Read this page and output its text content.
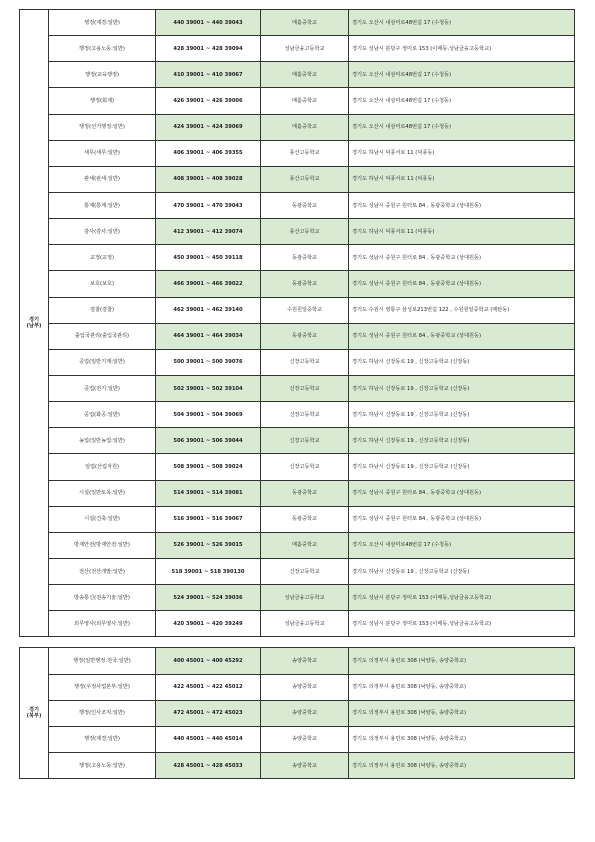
경기
(남부)	행정(재경:일반)	440 39001 ~ 440 39043	매홀중학교	경기도 오산시 내삼미로48번길 17 (수청동)
	행정(고용노동:일반)	428 39001 ~ 428 39094	성남금융고등학교	경기도 성남시 분당구 정미로 153 (이매동,성남금융고등학교)
	행정(교육행정)	410 39001 ~ 410 39067	매홀중학교	경기도 오산시 내삼미로48번길 17 (수청동)
	행정(회계)	426 39001 ~ 426 39006	매홀중학교	경기도 오산시 내삼미로48번길 17 (수청동)
	행정(선거행정:일반)	424 39001 ~ 424 39069	매홀중학교	경기도 오산시 내삼미로48번길 17 (수청동)
	세무(세무:일반)	406 39001 ~ 406 39355	풍산고등학교	경기도 하남시 덕풍서로 11 (덕풍동)
	관세(관세:일반)	408 39001 ~ 408 39028	풍산고등학교	경기도 하남시 덕풍서로 11 (덕풍동)
	통계(통계:일반)	470 39001 ~ 470 39043	동광중학교	경기도 성남시 중원구 원터로 84 , 동광중학교 (상대원동)
	감사(감사:일반)	412 39001 ~ 412 39074	풍산고등학교	경기도 하남시 덕풍서로 11 (덕풍동)
	교정(교정)	450 39001 ~ 450 39118	동광중학교	경기도 성남시 중원구 원터로 84 , 동광중학교 (상대원동)
	보호(보호)	466 39001 ~ 466 39022	동광중학교	경기도 성남시 중원구 원터로 84 , 동광중학교 (상대원동)
	검찰(검찰)	462 39001 ~ 462 39140	수원원일중학교	경기도 수원시 영통구 삼성로213번길 122 , 수원원일중학교 (매탄동)
	출입국관리(출입국관리)	464 39001 ~ 464 39034	동광중학교	경기도 성남시 중원구 원터로 84 , 동광중학교 (상대원동)
	공업(일반기계:일반)	500 39001 ~ 500 39076	신장고등학교	경기도 하남시 신장동로 19 , 신장고등학교 (신장동)
	공업(전기:일반)	502 39001 ~ 502 39104	신장고등학교	경기도 하남시 신장동로 19 , 신장고등학교 (신장동)
	공업(화공:일반)	504 39001 ~ 504 39069	신장고등학교	경기도 하남시 신장동로 19 , 신장고등학교 (신장동)
	농업(일반농업:일반)	506 39001 ~ 506 39044	신장고등학교	경기도 하남시 신장동로 19 , 신장고등학교 (신장동)
	임업(산림자원)	508 39001 ~ 508 39024	신장고등학교	경기도 하남시 신장동로 19 , 신장고등학교 (신장동)
	시설(일반토목:일반)	514 39001 ~ 514 39081	동광중학교	경기도 성남시 중원구 원터로 84 , 동광중학교 (상대원동)
	시설(건축:일반)	516 39001 ~ 516 39067	동광중학교	경기도 성남시 중원구 원터로 84 , 동광중학교 (상대원동)
	방재안전(방재안전:일반)	526 39001 ~ 526 39015	매홀중학교	경기도 오산시 내삼미로48번길 17 (수청동)
	전산(전산개발:일반)	518 39001 ~ 518 390130	신장고등학교	경기도 하남시 신장동로 19 , 신장고등학교 (신장동)
	방송통신(전송기술:일반)	524 39001 ~ 524 39036	성남금융고등학교	경기도 성남시 분당구 정미로 153 (이매동,성남금융고등학교)
	외무영사(외무영사:일반)	420 39001 ~ 420 39249	성남금융고등학교	경기도 성남시 분당구 정미로 153 (이매동,성남금융고등학교)

경기
(북부)	행정(일반행정:전국:일반)	400 45001 ~ 400 45292	송양중학교	경기도 의정부시 용민로 308 (낙양동, 송양중학교)
	행정(우정사업본부:일반)	422 45001 ~ 422 45012	송양중학교	경기도 의정부시 용민로 308 (낙양동, 송양중학교)
	행정(인사조직:일반)	472 45001 ~ 472 45023	송양중학교	경기도 의정부시 용민로 308 (낙양동, 송양중학교)
	행정(재경:일반)	440 45001 ~ 440 45014	송양중학교	경기도 의정부시 용민로 308 (낙양동, 송양중학교)
	행정(고용노동:일반)	428 45001 ~ 428 45033	송양중학교	경기도 의정부시 용민로 308 (낙양동, 송양중학교)
